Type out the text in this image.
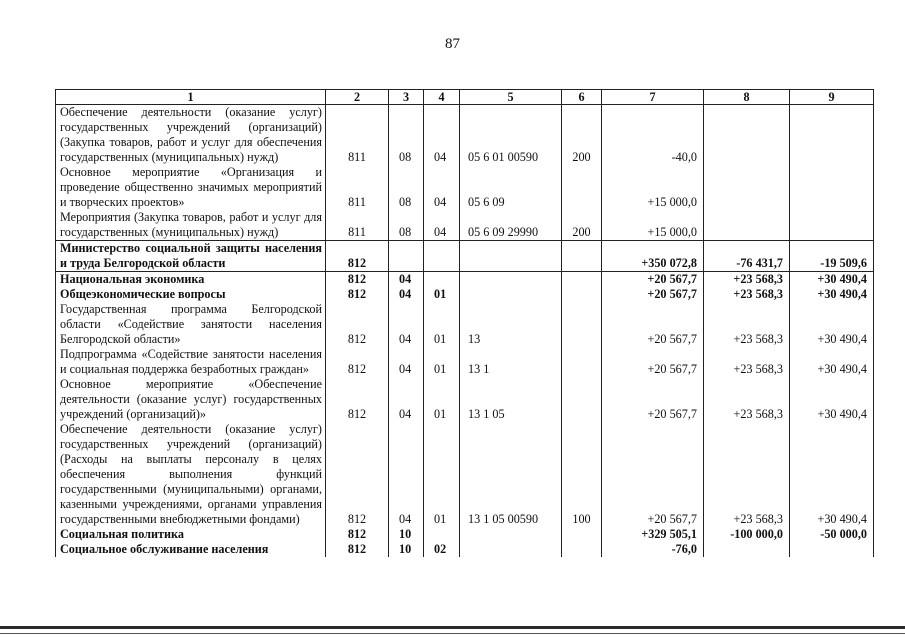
87
1	2	3	4	5	6	7	8	9
Обеспечение деятельности (оказание услуг) государственных учреждений (организаций) (Закупка товаров, работ и услуг для обеспечения государственных (муниципальных) нужд)	811	08	04	05 6 01 00590	200	-40,0		
Основное мероприятие «Организация и проведение общественно значимых мероприятий и творческих проектов»	811	08	04	05 6 09		+15 000,0		
Мероприятия (Закупка товаров, работ и услуг для государственных (муниципальных) нужд)	811	08	04	05 6 09 29990	200	+15 000,0		
Министерство социальной защиты населения и труда Белгородской области	812					+350 072,8	-76 431,7	-19 509,6
Национальная экономика	812	04				+20 567,7	+23 568,3	+30 490,4
Общеэкономические вопросы	812	04	01			+20 567,7	+23 568,3	+30 490,4
Государственная программа Белгородской области «Содействие занятости населения Белгородской области»	812	04	01	13		+20 567,7	+23 568,3	+30 490,4
Подпрограмма «Содействие занятости населения и социальная поддержка безработных граждан»	812	04	01	13 1		+20 567,7	+23 568,3	+30 490,4
Основное мероприятие «Обеспечение деятельности (оказание услуг) государственных учреждений (организаций)»	812	04	01	13 1 05		+20 567,7	+23 568,3	+30 490,4
Обеспечение деятельности (оказание услуг) государственных учреждений (организаций) (Расходы на выплаты персоналу в целях обеспечения выполнения функций государственными (муниципальными) органами, казенными учреждениями, органами управления государственными внебюджетными фондами)	812	04	01	13 1 05 00590	100	+20 567,7	+23 568,3	+30 490,4
Социальная политика	812	10				+329 505,1	-100 000,0	-50 000,0
Социальное обслуживание населения	812	10	02			-76,0		
